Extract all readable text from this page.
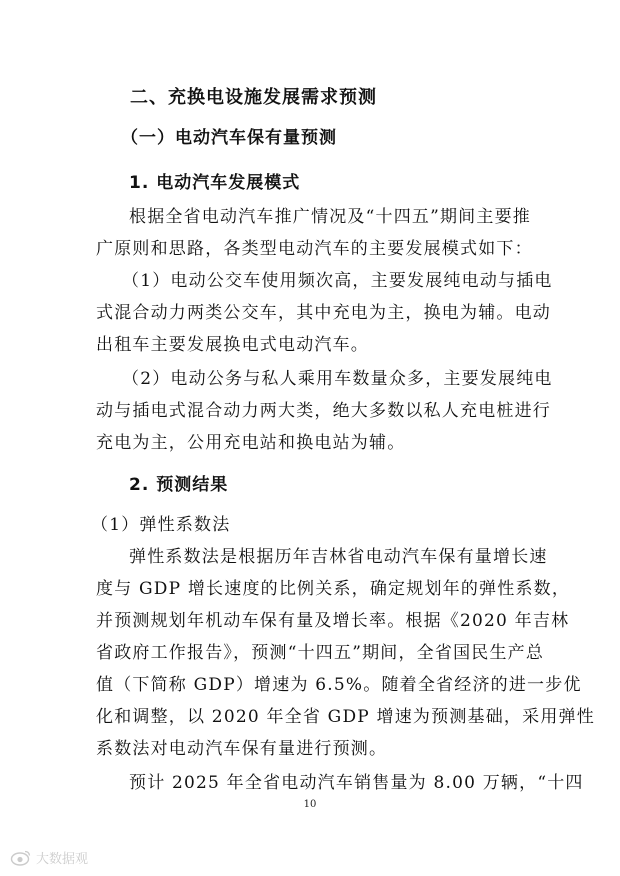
二、充换电设施发展需求预测
（一）电动汽车保有量预测
1. 电动汽车发展模式
根据全省电动汽车推广情况及“十四五”期间主要推
广原则和思路，各类型电动汽车的主要发展模式如下：
（1）电动公交车使用频次高，主要发展纯电动与插电
式混合动力两类公交车，其中充电为主，换电为辅。电动
出租车主要发展换电式电动汽车。
（2）电动公务与私人乘用车数量众多，主要发展纯电
动与插电式混合动力两大类，绝大多数以私人充电桩进行
充电为主，公用充电站和换电站为辅。
2. 预测结果
（1）弹性系数法
弹性系数法是根据历年吉林省电动汽车保有量增长速
度与 GDP 增长速度的比例关系，确定规划年的弹性系数，
并预测规划年机动车保有量及增长率。根据《2020 年吉林
省政府工作报告》，预测“十四五”期间，全省国民生产总
值（下简称 GDP）增速为 6.5%。随着全省经济的进一步优
化和调整，以 2020 年全省 GDP 增速为预测基础，采用弹性
系数法对电动汽车保有量进行预测。
预计 2025 年全省电动汽车销售量为 8.00 万辆，“十四
10
大数据观
